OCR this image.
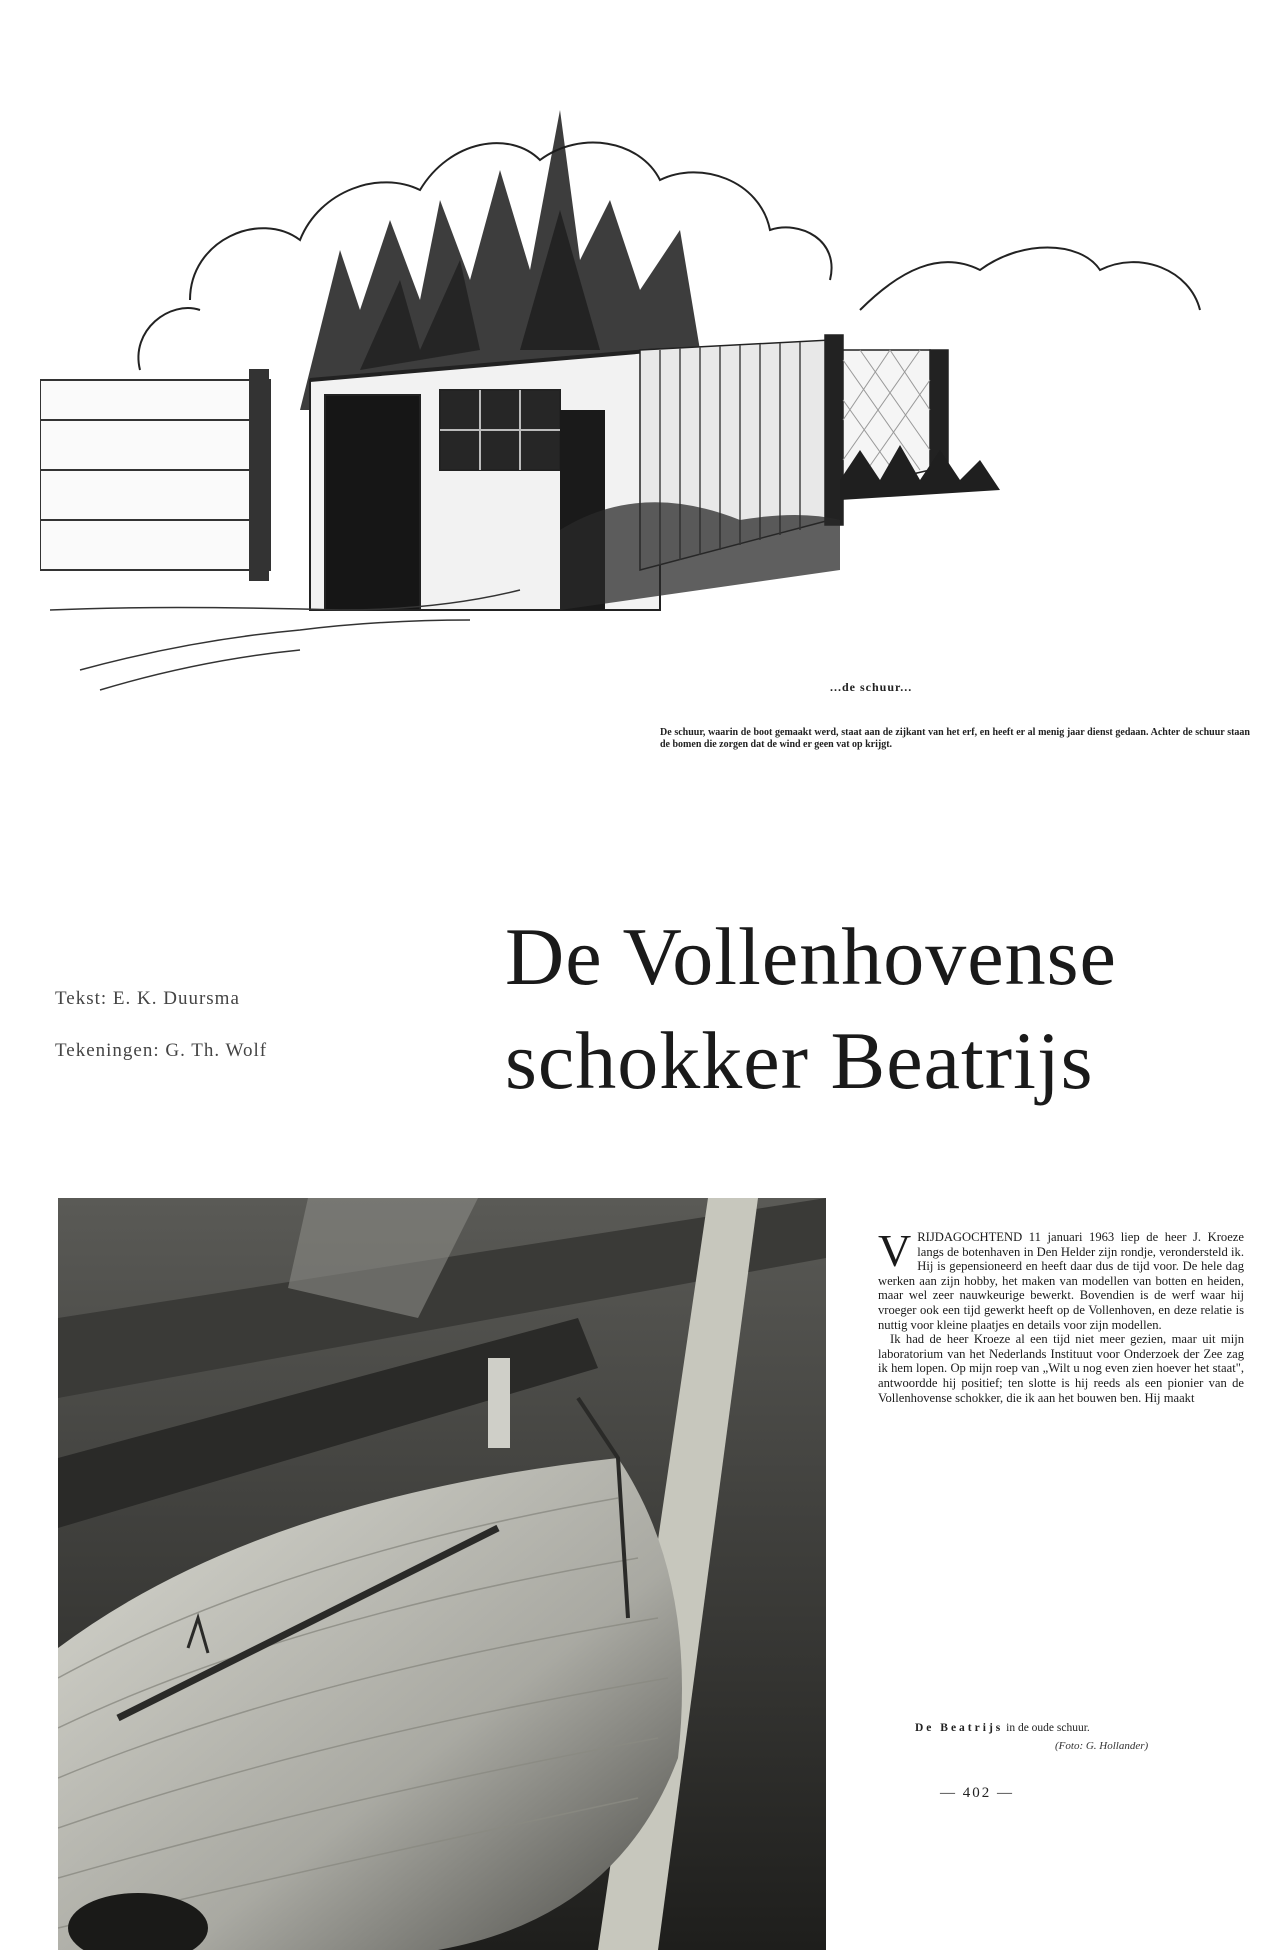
...de schuur...
De schuur, waarin de boot gemaakt werd, staat aan de zijkant van het erf, en heeft er al menig jaar dienst gedaan. Achter de schuur staan de bomen die zorgen dat de wind er geen vat op krijgt.
Tekst: E. K. Duursma
Tekeningen: G. Th. Wolf
De Vollenhovense
schokker Beatrijs

VRIJDAGOCHTEND 11 januari 1963 liep de heer J. Kroeze langs de botenhaven in Den Helder zijn rondje, verondersteld ik. Hij is gepensioneerd en heeft daar dus de tijd voor. De hele dag werken aan zijn hobby, het maken van modellen van botten en heiden, maar wel zeer nauwkeurige bewerkt. Bovendien is de werf waar hij vroeger ook een tijd gewerkt heeft op de Vollenhoven, en deze relatie is nuttig voor kleine plaatjes en details voor zijn modellen.

Ik had de heer Kroeze al een tijd niet meer gezien, maar uit mijn laboratorium van het Nederlands Instituut voor Onderzoek der Zee zag ik hem lopen. Op mijn roep van „Wilt u nog even zien hoever het staat", antwoordde hij positief; ten slotte is hij reeds als een pionier van de Vollenhovense schokker, die ik aan het bouwen ben. Hij maakt

De Beatrijs in de oude schuur.
(Foto: G. Hollander)
— 402 —
